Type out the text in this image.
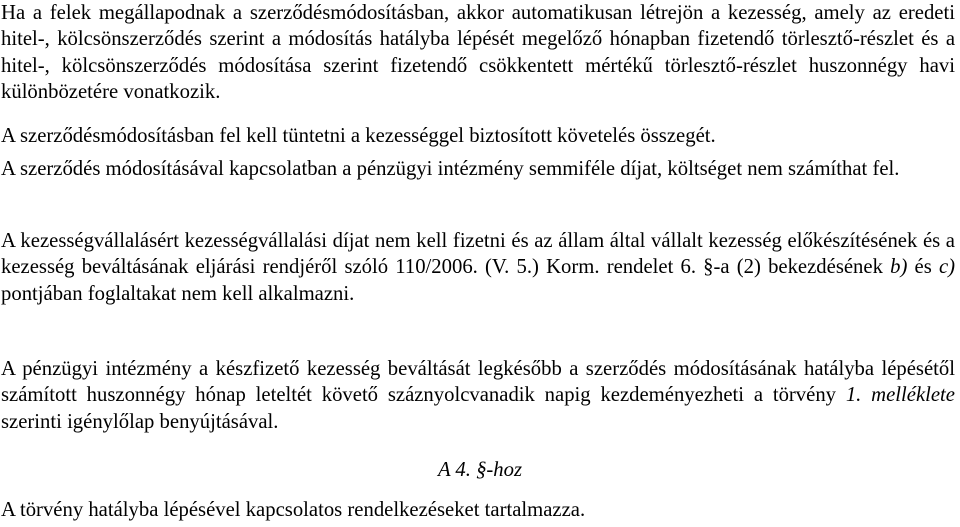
Ha a felek megállapodnak a szerződésmódosításban, akkor automatikusan létrejön a kezesség, amely az eredeti hitel-, kölcsönszerződés szerint a módosítás hatályba lépését megelőző hónapban fizetendő törlesztő-részlet és a hitel-, kölcsönszerződés módosítása szerint fizetendő csökkentett mértékű törlesztő-részlet huszonnégy havi különbözetére vonatkozik.

A szerződésmódosításban fel kell tüntetni a kezességgel biztosított követelés összegét.

A szerződés módosításával kapcsolatban a pénzügyi intézmény semmiféle díjat, költséget nem számíthat fel.

A kezességvállalásért kezességvállalási díjat nem kell fizetni és az állam által vállalt kezesség előkészítésének és a kezesség beváltásának eljárási rendjéről szóló 110/2006. (V. 5.) Korm. rendelet 6. §-a (2) bekezdésének b) és c) pontjában foglaltakat nem kell alkalmazni.

A pénzügyi intézmény a készfizető kezesség beváltását legkésőbb a szerződés módosításának hatályba lépésétől számított huszonnégy hónap leteltét követő száznyolcvanadik napig kezdeményezheti a törvény 1. melléklete szerinti igénylőlap benyújtásával.

A 4. §-hoz

A törvény hatályba lépésével kapcsolatos rendelkezéseket tartalmazza.
